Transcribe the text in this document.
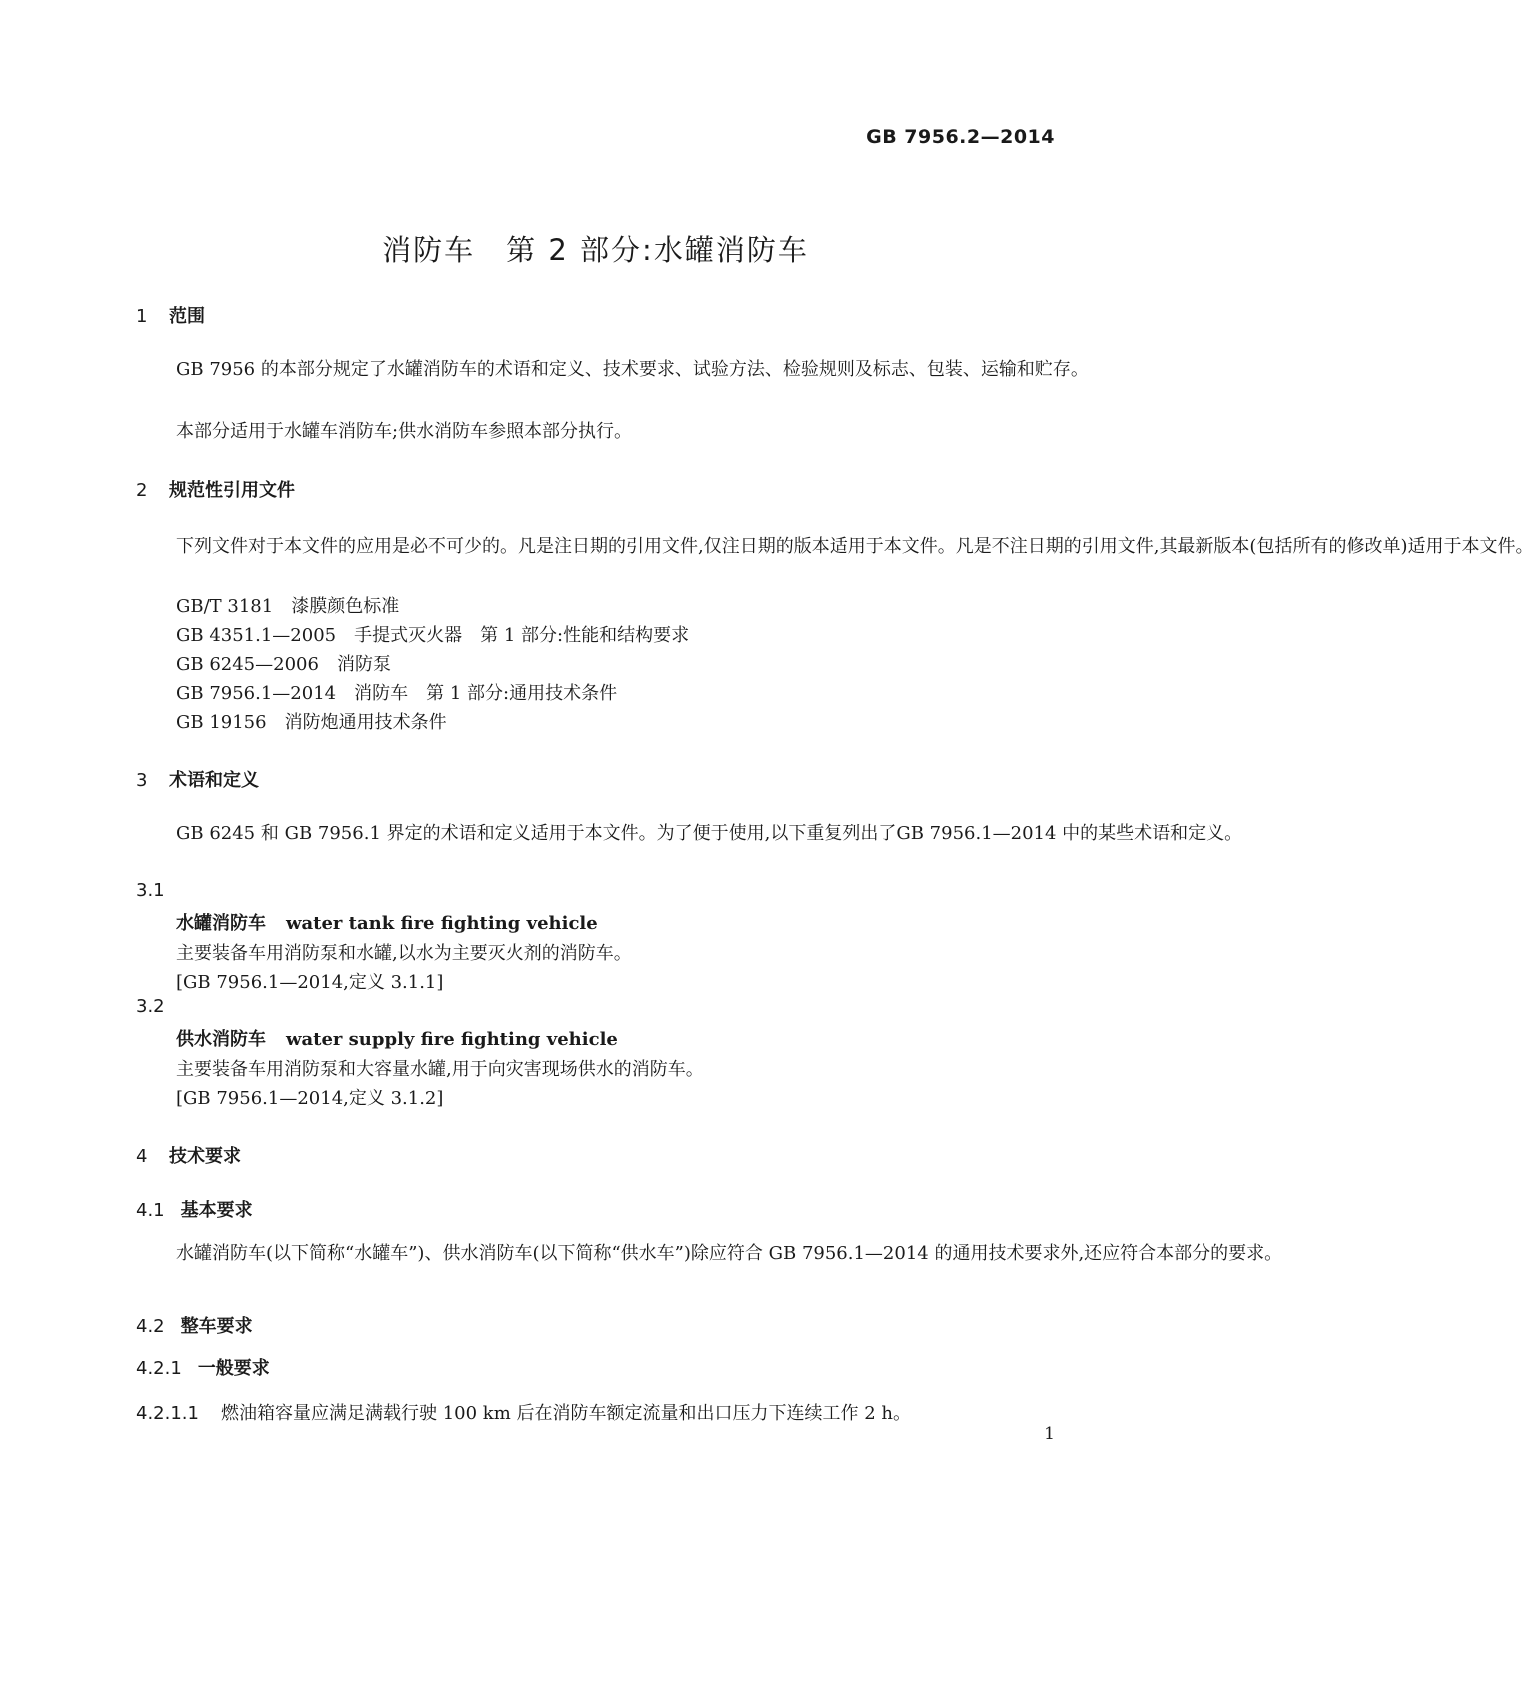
GB 7956.2—2014
消防车　第 2 部分:水罐消防车
1 范围

GB 7956 的本部分规定了水罐消防车的术语和定义、技术要求、试验方法、检验规则及标志、包装、运输和贮存。

本部分适用于水罐车消防车;供水消防车参照本部分执行。

2 规范性引用文件

下列文件对于本文件的应用是必不可少的。凡是注日期的引用文件,仅注日期的版本适用于本文件。凡是不注日期的引用文件,其最新版本(包括所有的修改单)适用于本文件。

GB/T 3181 漆膜颜色标准
GB 4351.1—2005 手提式灭火器　第 1 部分:性能和结构要求
GB 6245—2006 消防泵
GB 7956.1—2014 消防车　第 1 部分:通用技术条件
GB 19156 消防炮通用技术条件
3 术语和定义

GB 6245 和 GB 7956.1 界定的术语和定义适用于本文件。为了便于使用,以下重复列出了GB 7956.1—2014 中的某些术语和定义。

3.1
水罐消防车 water tank fire fighting vehicle
主要装备车用消防泵和水罐,以水为主要灭火剂的消防车。
[GB 7956.1—2014,定义 3.1.1]
3.2
供水消防车 water supply fire fighting vehicle
主要装备车用消防泵和大容量水罐,用于向灾害现场供水的消防车。
[GB 7956.1—2014,定义 3.1.2]
4 技术要求
4.1 基本要求

水罐消防车(以下简称“水罐车”)、供水消防车(以下简称“供水车”)除应符合 GB 7956.1—2014 的通用技术要求外,还应符合本部分的要求。

4.2 整车要求
4.2.1 一般要求
4.2.1.1 燃油箱容量应满足满载行驶 100 km 后在消防车额定流量和出口压力下连续工作 2 h。
1
